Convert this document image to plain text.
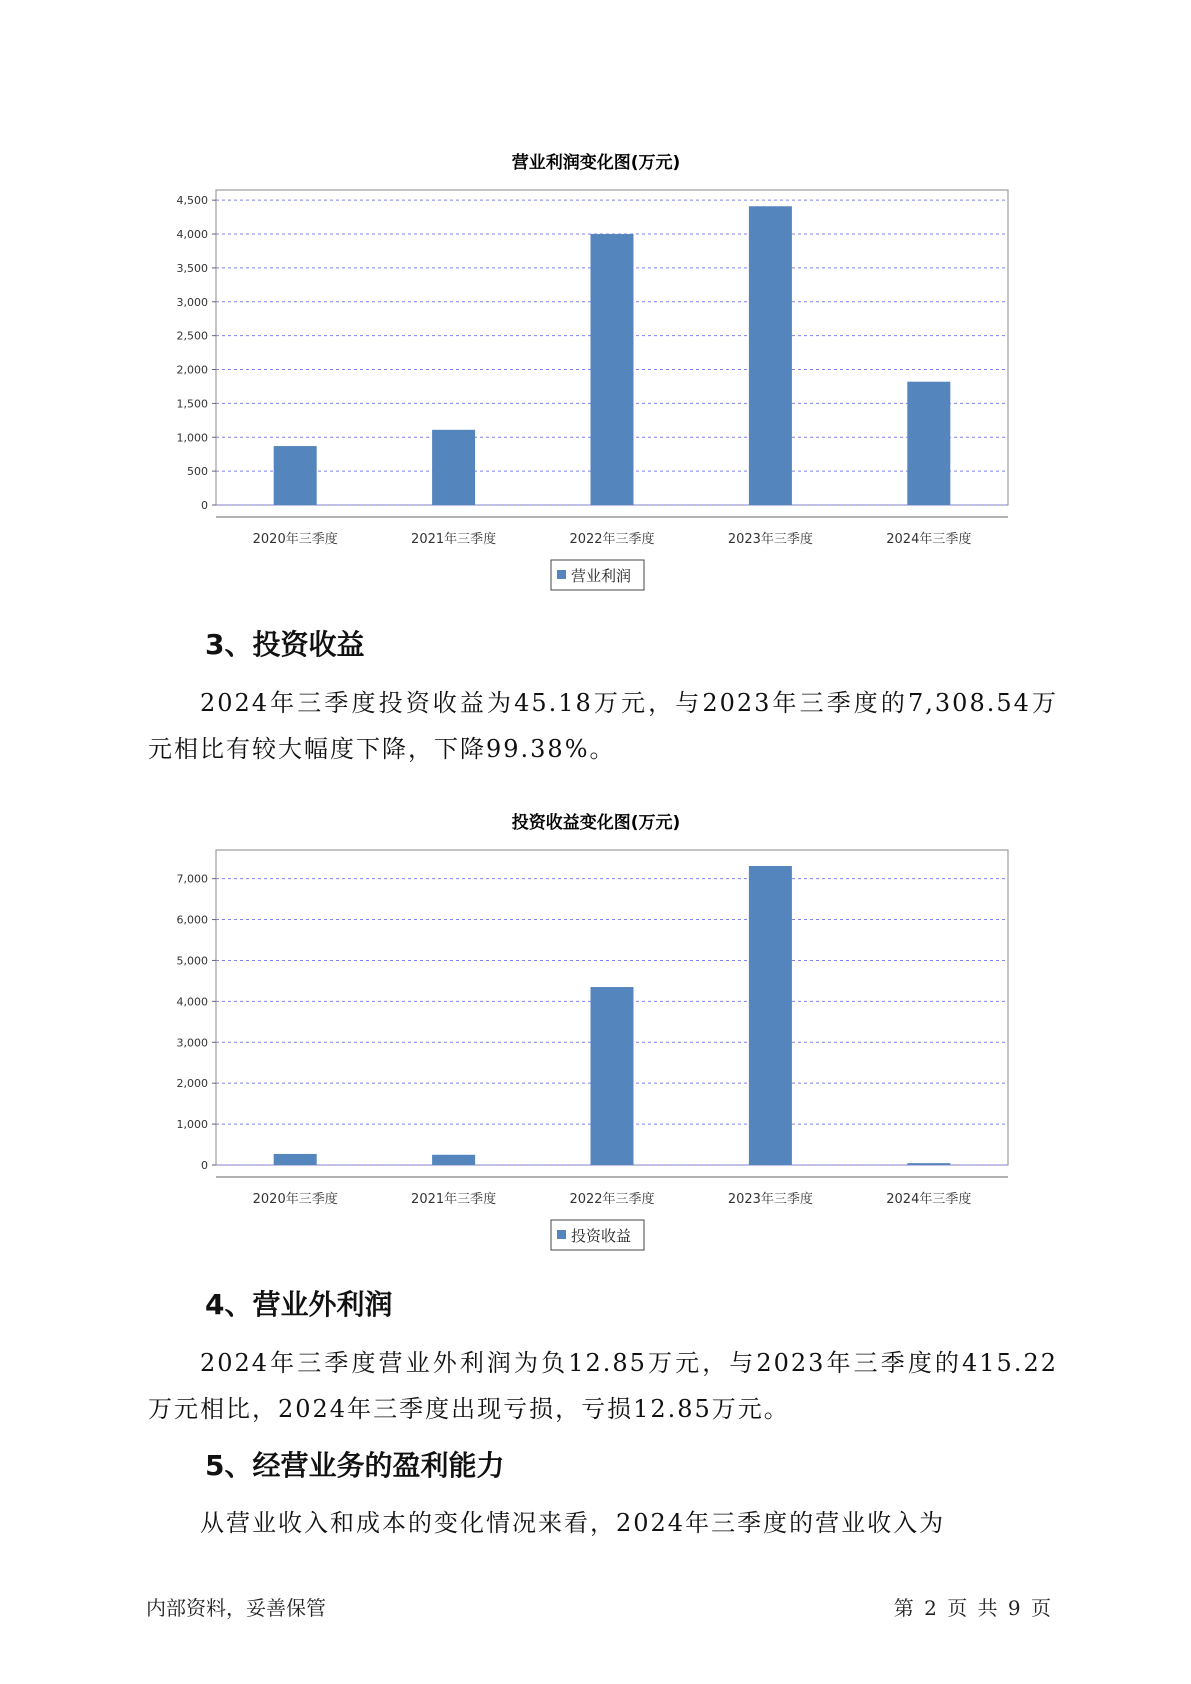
营业利润变化图(万元)
0
500
1,000
1,500
2,000
2,500
3,000
3,500
4,000
4,500
2020年三季度	2021年三季度	2022年三季度	2023年三季度	2024年三季度
营业利润
3、投资收益

2024年三季度投资收益为45.18万元，与2023年三季度的7,308.54万元相比有较大幅度下降，下降99.38%。

投资收益变化图(万元)
0
1,000
2,000
3,000
4,000
5,000
6,000
7,000
2020年三季度	2021年三季度	2022年三季度	2023年三季度	2024年三季度
投资收益
4、营业外利润

2024年三季度营业外利润为负12.85万元，与2023年三季度的415.22万元相比，2024年三季度出现亏损，亏损12.85万元。

5、经营业务的盈利能力

从营业收入和成本的变化情况来看，2024年三季度的营业收入为

内部资料，妥善保管	第 2 页 共 9 页
